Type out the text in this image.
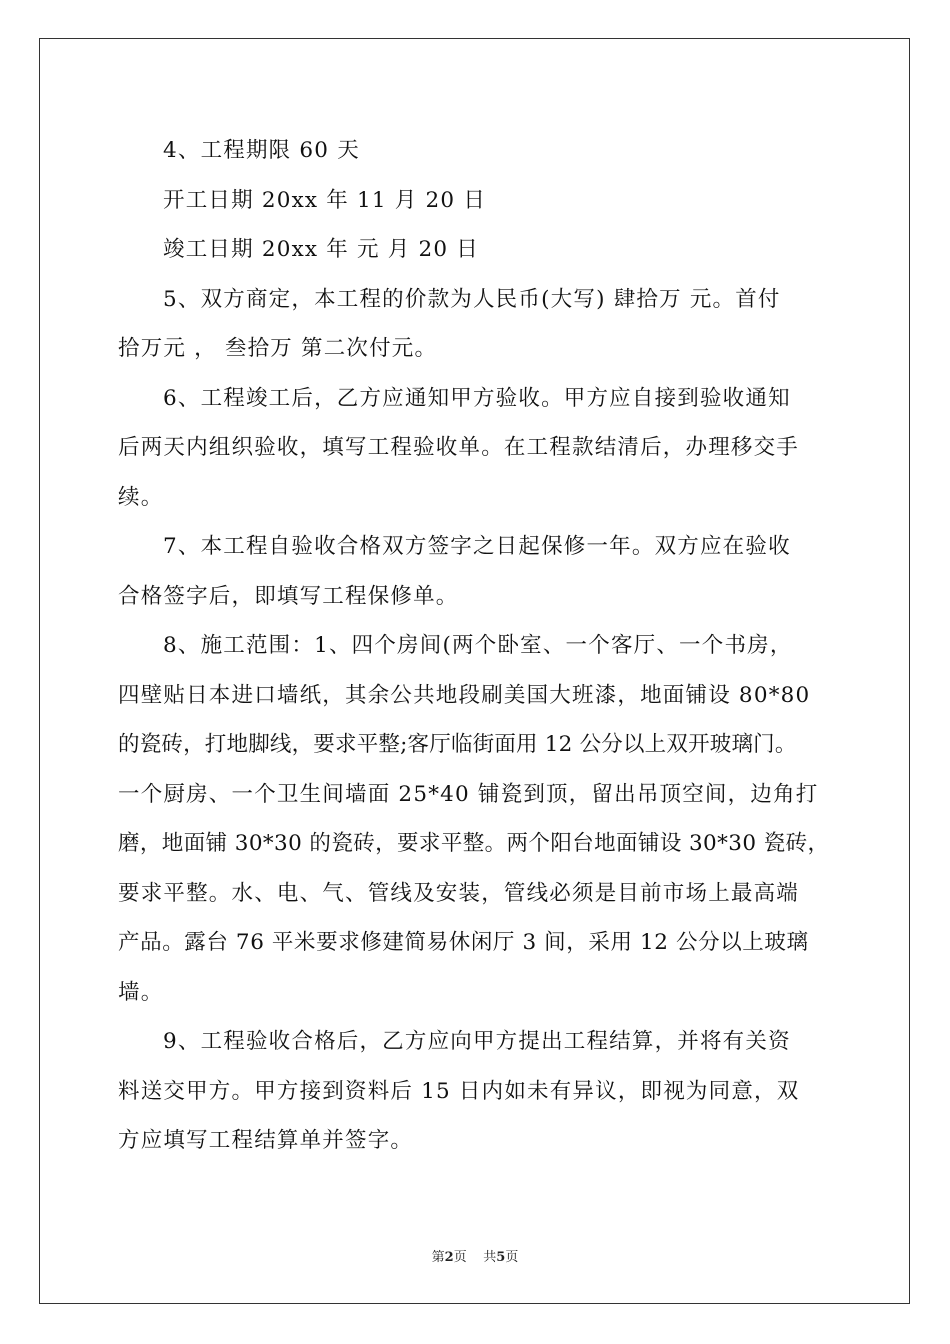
4、工程期限 60 天
开工日期 20xx 年 11 月 20 日
竣工日期 20xx 年 元 月 20 日
5、双方商定，本工程的价款为人民币(大写) 肆拾万 元。首付
拾万元 ， 叁拾万 第二次付元。
6、工程竣工后，乙方应通知甲方验收。甲方应自接到验收通知
后两天内组织验收，填写工程验收单。在工程款结清后，办理移交手
续。
7、本工程自验收合格双方签字之日起保修一年。双方应在验收
合格签字后，即填写工程保修单。
8、施工范围：1、四个房间(两个卧室、一个客厅、一个书房，
四壁贴日本进口墙纸，其余公共地段刷美国大班漆，地面铺设 80*80
的瓷砖，打地脚线，要求平整;客厅临街面用 12 公分以上双开玻璃门。
一个厨房、一个卫生间墙面 25*40 铺瓷到顶，留出吊顶空间，边角打
磨，地面铺 30*30 的瓷砖，要求平整。两个阳台地面铺设 30*30 瓷砖，
要求平整。水、电、气、管线及安装，管线必须是目前市场上最高端
产品。露台 76 平米要求修建简易休闲厅 3 间，采用 12 公分以上玻璃
墙。
9、工程验收合格后，乙方应向甲方提出工程结算，并将有关资
料送交甲方。甲方接到资料后 15 日内如未有异议，即视为同意，双
方应填写工程结算单并签字。
第2页 共5页
